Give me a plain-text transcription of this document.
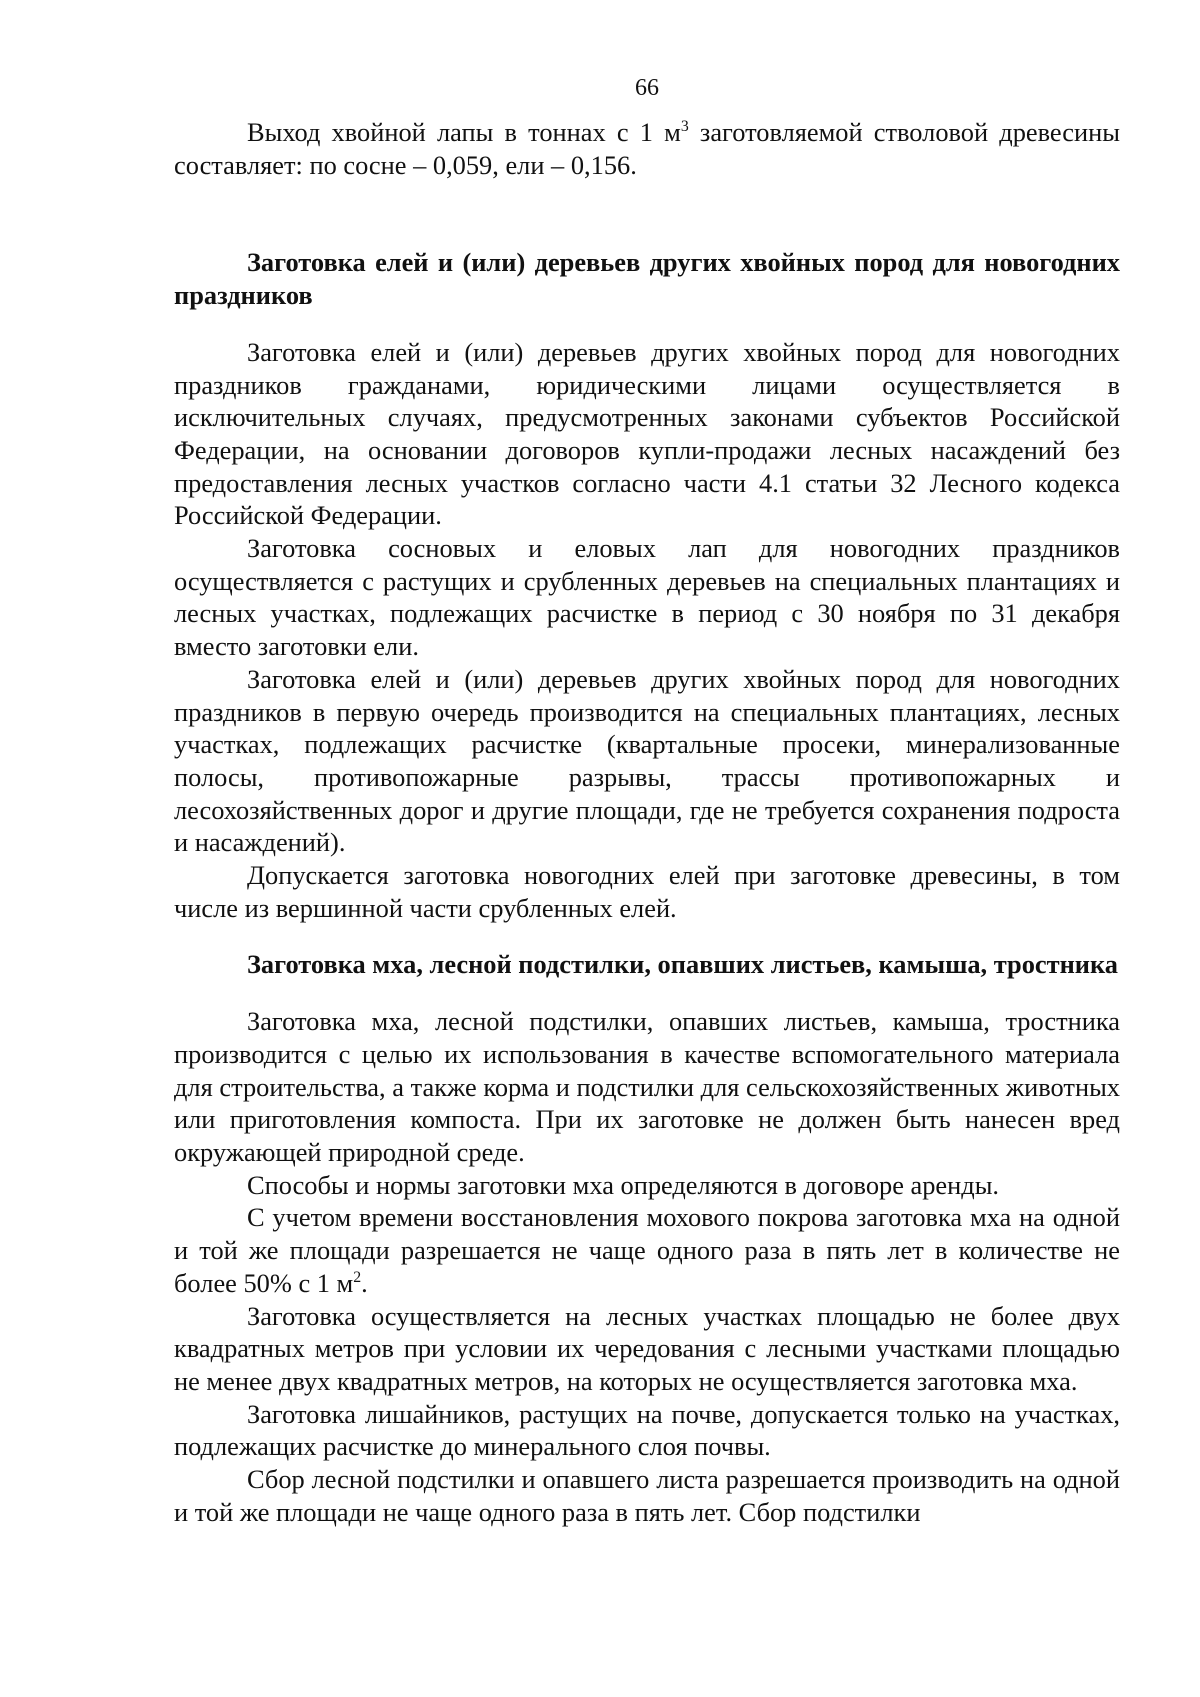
66

Выход хвойной лапы в тоннах с 1 $м^3$ заготовляемой стволовой древесины составляет: по сосне – 0,059, ели – 0,156.

Заготовка елей и (или) деревьев других хвойных пород для новогодних праздников

Заготовка елей и (или) деревьев других хвойных пород для новогодних праздников гражданами, юридическими лицами осуществляется в исключительных случаях, предусмотренных законами субъектов Российской Федерации, на основании договоров купли-продажи лесных насаждений без предоставления лесных участков согласно части 4.1 статьи 32 Лесного кодекса Российской Федерации.

Заготовка сосновых и еловых лап для новогодних праздников осуществляется с растущих и срубленных деревьев на специальных плантациях и лесных участках, подлежащих расчистке в период с 30 ноября по 31 декабря вместо заготовки ели.

Заготовка елей и (или) деревьев других хвойных пород для новогодних праздников в первую очередь производится на специальных плантациях, лесных участках, подлежащих расчистке (квартальные просеки, минерализованные полосы, противопожарные разрывы, трассы противопожарных и лесохозяйственных дорог и другие площади, где не требуется сохранения подроста и насаждений).

Допускается заготовка новогодних елей при заготовке древесины, в том числе из вершинной части срубленных елей.

Заготовка мха, лесной подстилки, опавших листьев, камыша, тростника

Заготовка мха, лесной подстилки, опавших листьев, камыша, тростника производится с целью их использования в качестве вспомогательного материала для строительства, а также корма и подстилки для сельскохозяйственных животных или приготовления компоста. При их заготовке не должен быть нанесен вред окружающей природной среде.

Способы и нормы заготовки мха определяются в договоре аренды.

С учетом времени восстановления мохового покрова заготовка мха на одной и той же площади разрешается не чаще одного раза в пять лет в количестве не более 50% с 1 $м^2$.

Заготовка осуществляется на лесных участках площадью не более двух квадратных метров при условии их чередования с лесными участками площадью не менее двух квадратных метров, на которых не осуществляется заготовка мха.

Заготовка лишайников, растущих на почве, допускается только на участках, подлежащих расчистке до минерального слоя почвы.

Сбор лесной подстилки и опавшего листа разрешается производить на одной и той же площади не чаще одного раза в пять лет. Сбор подстилки
